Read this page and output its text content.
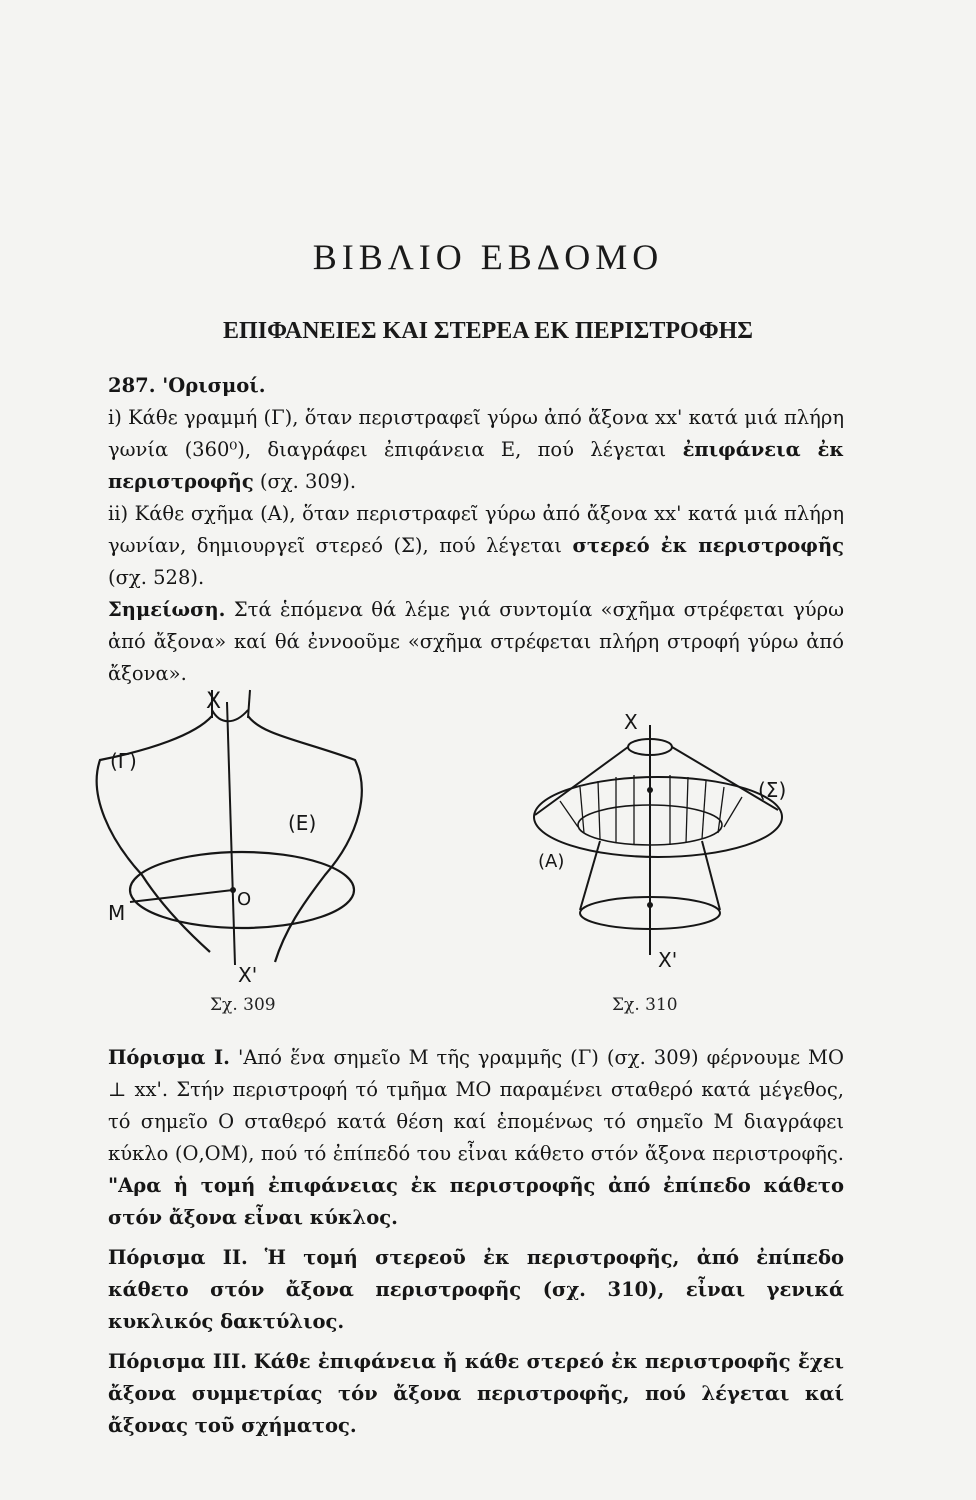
ΒΙΒΛΙΟ ΕΒΔΟΜΟ
ΕΠΙΦΑΝΕΙΕΣ ΚΑΙ ΣΤΕΡΕΑ ΕΚ ΠΕΡΙΣΤΡΟΦΗΣ
287. 'Ορισμοί.
i) Κάθε γραμμή (Γ), ὅταν περιστραφεῖ γύρω ἀπό ἄξονα xx' κατά μιά πλήρη γωνία (360⁰), διαγράφει ἐπιφάνεια Ε, πού λέγεται ἐπιφάνεια ἐκ περιστροφῆς (σχ. 309).
ii) Κάθε σχῆμα (Α), ὅταν περιστραφεῖ γύρω ἀπό ἄξονα xx' κατά μιά πλήρη γωνίαν, δημιουργεῖ στερεό (Σ), πού λέγεται στερεό ἐκ περιστροφῆς (σχ. 528).
Σημείωση. Στά ἑπόμενα θά λέμε γιά συντομία «σχῆμα στρέφεται γύρω ἀπό ἄξονα» καί θά ἐννοοῦμε «σχῆμα στρέφεται πλήρη στροφή γύρω ἀπό ἄξονα».
X
(Γ)
(E)
O
M
X'
Σχ. 309
X
(Σ)
(A)
X'
Σχ. 310
Πόρισμα I. 'Από ἕνα σημεῖο Μ τῆς γραμμῆς (Γ) (σχ. 309) φέρνουμε ΜΟ ⊥ xx'. Στήν περιστροφή τό τμῆμα ΜΟ παραμένει σταθερό κατά μέγεθος, τό σημεῖο Ο σταθερό κατά θέση καί ἑπομένως τό σημεῖο Μ διαγράφει κύκλο (Ο,ΟΜ), πού τό ἐπίπεδό του εἶναι κάθετο στόν ἄξονα περιστροφῆς. "Αρα ἡ τομή ἐπιφάνειας ἐκ περιστροφῆς ἀπό ἐπίπεδο κάθετο στόν ἄξονα εἶναι κύκλος.
Πόρισμα II. Ἡ τομή στερεοῦ ἐκ περιστροφῆς, ἀπό ἐπίπεδο κάθετο στόν ἄξονα περιστροφῆς (σχ. 310), εἶναι γενικά κυκλικός δακτύλιος.
Πόρισμα III. Κάθε ἐπιφάνεια ἤ κάθε στερεό ἐκ περιστροφῆς ἔχει ἄξονα συμμετρίας τόν ἄξονα περιστροφῆς, πού λέγεται καί ἄξονας τοῦ σχήματος.
